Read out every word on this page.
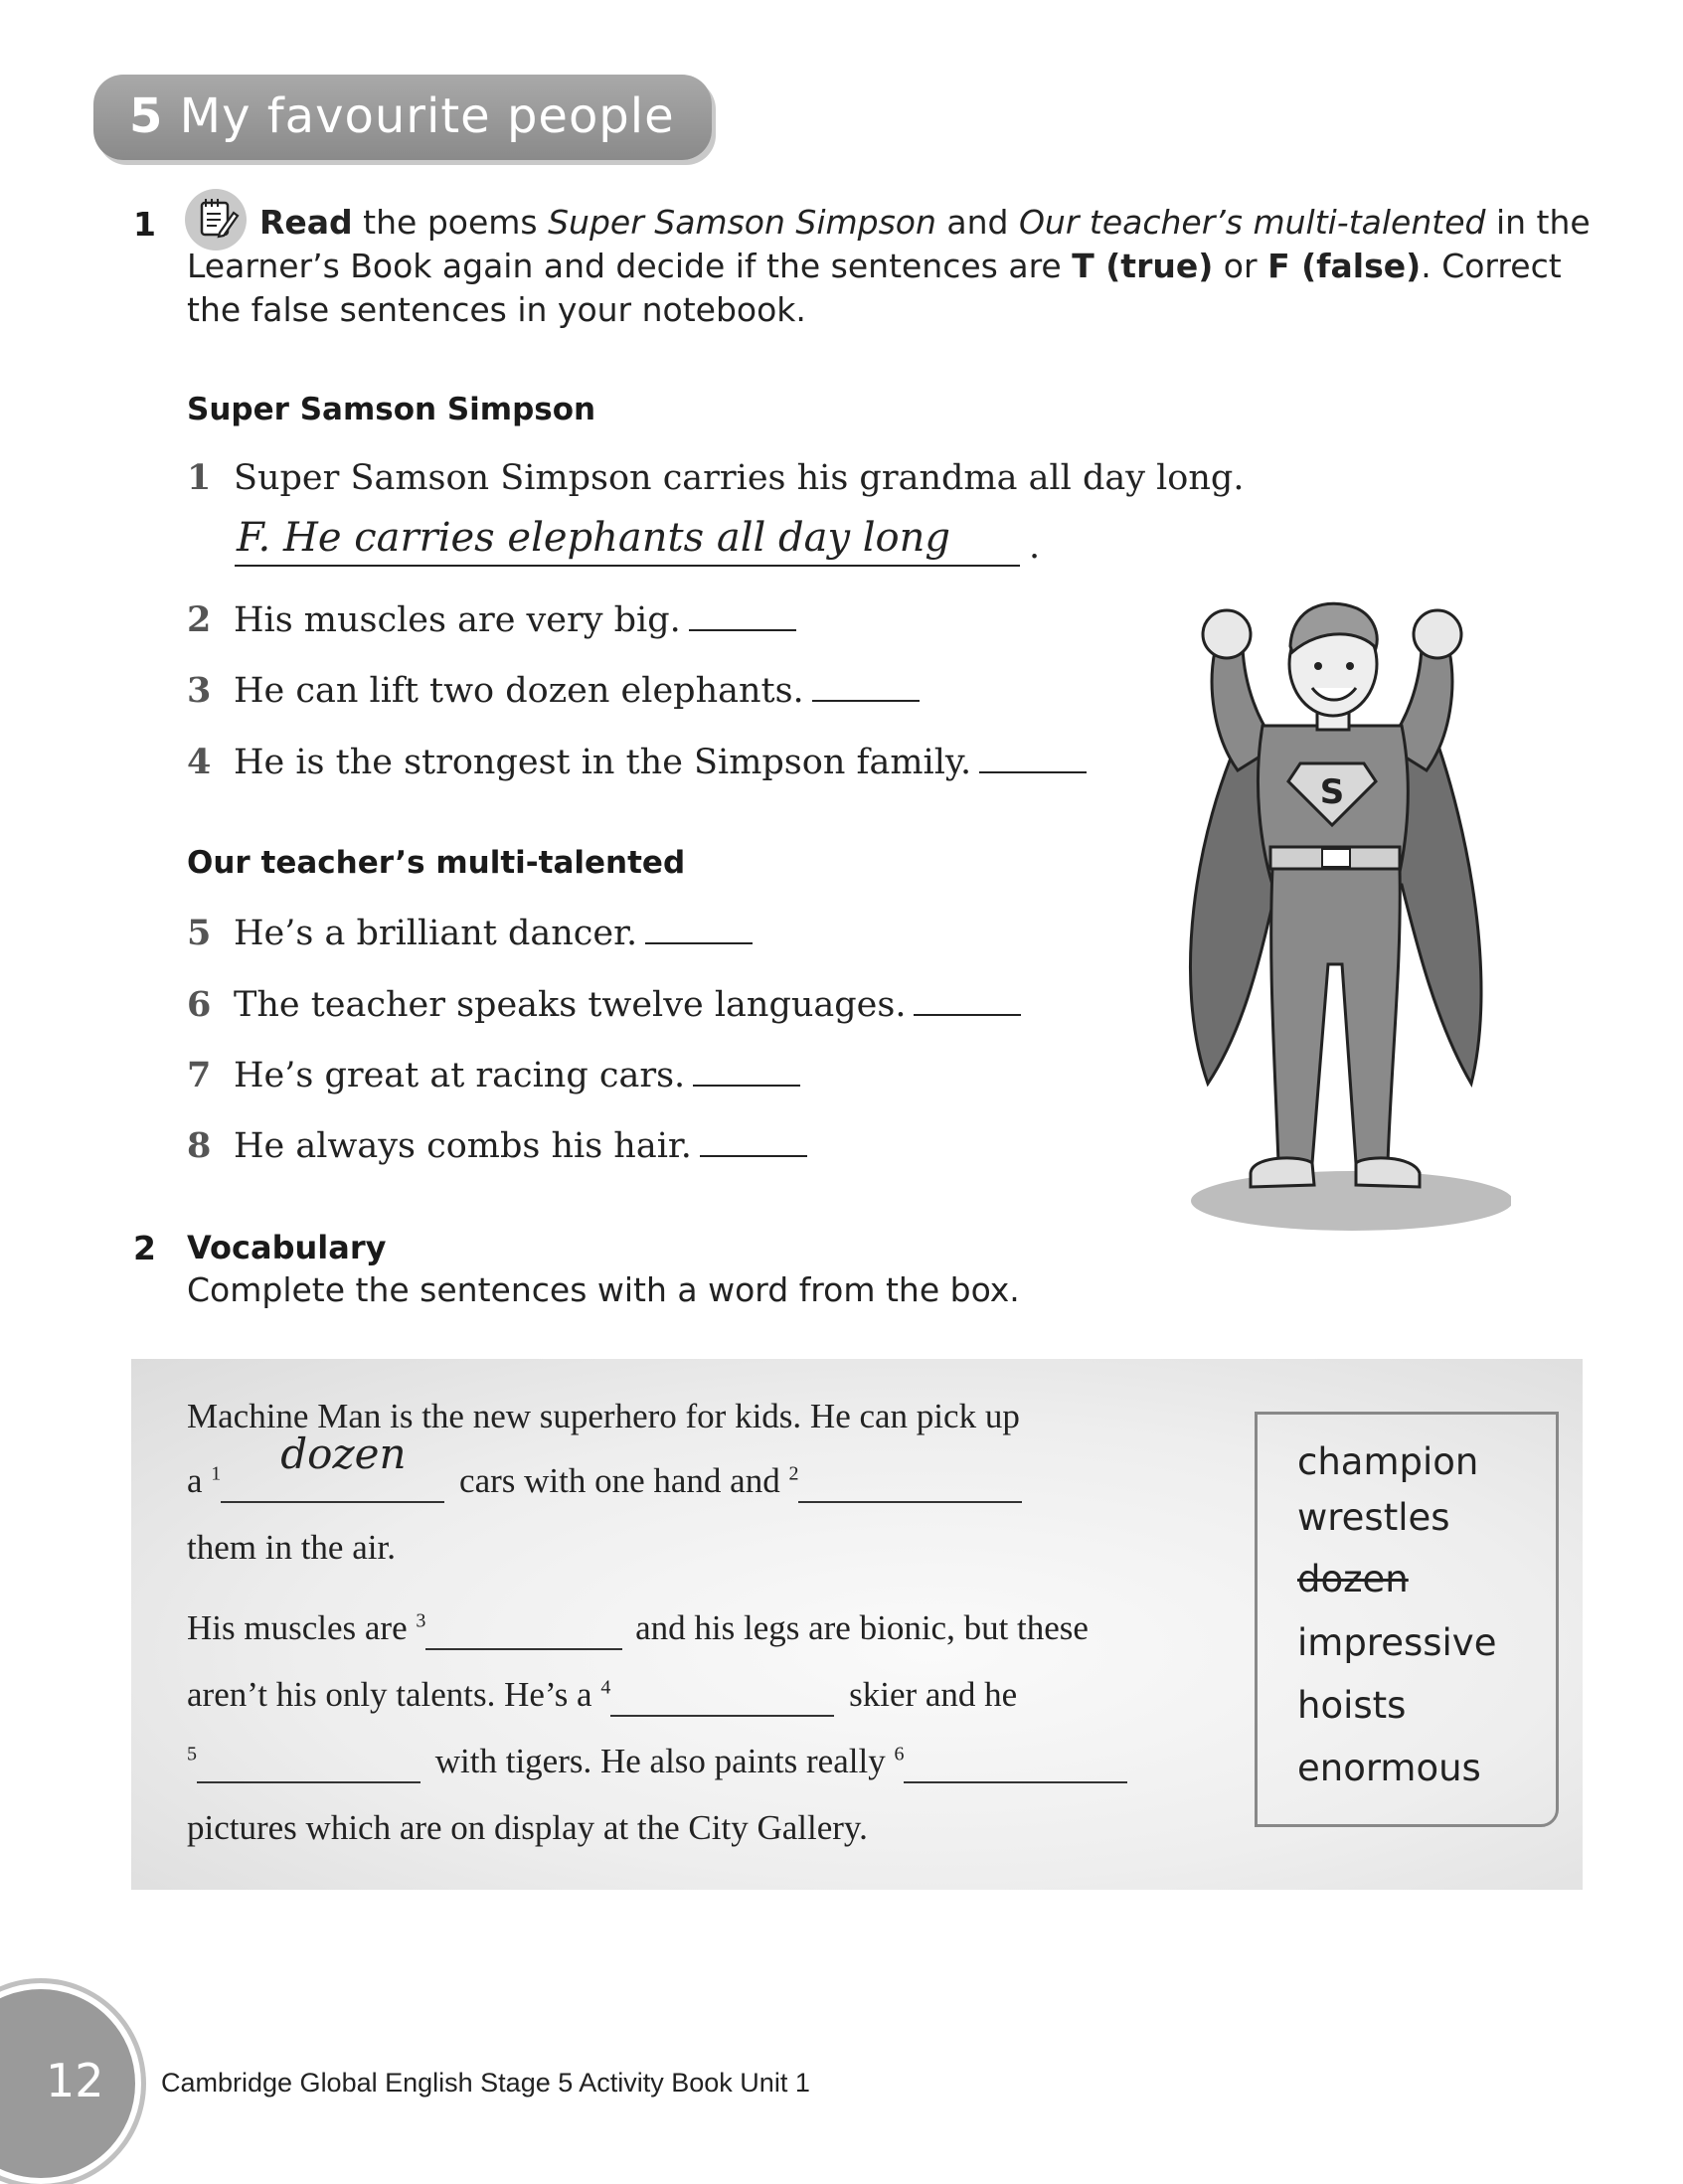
5 My favourite people
1	Read the poems Super Samson Simpson and Our teacher’s multi-talented in the
Learner’s Book again and decide if the sentences are T (true) or F (false). Correct
the false sentences in your notebook.
Super Samson Simpson
1 Super Samson Simpson carries his grandma all day long.
F. He carries elephants all day long .
2 His muscles are very big.
3 He can lift two dozen elephants.
4 He is the strongest in the Simpson family.
Our teacher’s multi-talented
5 He’s a brilliant dancer.
6 The teacher speaks twelve languages.
7 He’s great at racing cars.
8 He always combs his hair.
S
2 Vocabulary
Complete the sentences with a word from the box.
Machine Man is the new superhero for kids. He can pick up
a $^1$ dozen
cars with one hand and $^2$
them in the air.
His muscles are $^3$	and his legs are bionic, but these
aren’t his only talents. He’s a $^4$	skier and he
$^5$	with tigers. He also paints really $^6$
pictures which are on display at the City Gallery.
champion
wrestles
dozen
impressive
hoists
enormous
12 Cambridge Global English Stage 5 Activity Book Unit 1
